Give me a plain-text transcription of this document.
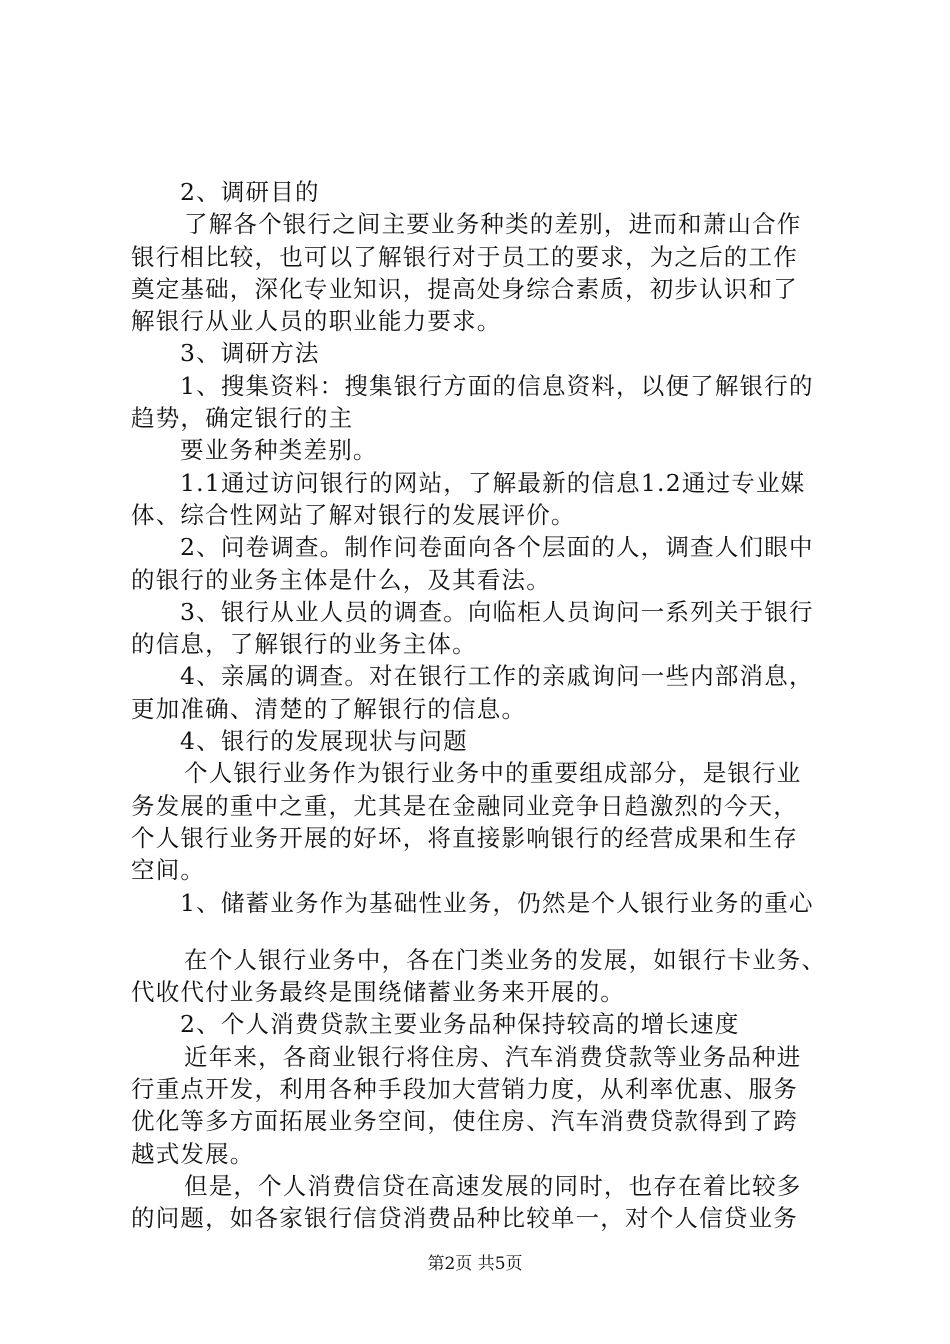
2、调研目的
了解各个银行之间主要业务种类的差别，进而和萧山合作
银行相比较，也可以了解银行对于员工的要求，为之后的工作
奠定基础，深化专业知识，提高处身综合素质，初步认识和了
解银行从业人员的职业能力要求。
3、调研方法
1、搜集资料：搜集银行方面的信息资料，以便了解银行的
趋势，确定银行的主
要业务种类差别。
1.1通过访问银行的网站，了解最新的信息1.2通过专业媒
体、综合性网站了解对银行的发展评价。
2、问卷调查。制作问卷面向各个层面的人，调查人们眼中
的银行的业务主体是什么，及其看法。
3、银行从业人员的调查。向临柜人员询问一系列关于银行
的信息，了解银行的业务主体。
4、亲属的调查。对在银行工作的亲戚询问一些内部消息，
更加准确、清楚的了解银行的信息。
4、银行的发展现状与问题
个人银行业务作为银行业务中的重要组成部分，是银行业
务发展的重中之重，尤其是在金融同业竞争日趋激烈的今天，
个人银行业务开展的好坏，将直接影响银行的经营成果和生存
空间。
1、储蓄业务作为基础性业务，仍然是个人银行业务的重心
在个人银行业务中，各在门类业务的发展，如银行卡业务、
代收代付业务最终是围绕储蓄业务来开展的。
2、个人消费贷款主要业务品种保持较高的增长速度
近年来，各商业银行将住房、汽车消费贷款等业务品种进
行重点开发，利用各种手段加大营销力度，从利率优惠、服务
优化等多方面拓展业务空间，使住房、汽车消费贷款得到了跨
越式发展。
但是，个人消费信贷在高速发展的同时，也存在着比较多
的问题，如各家银行信贷消费品种比较单一，对个人信贷业务
第2页 共5页
